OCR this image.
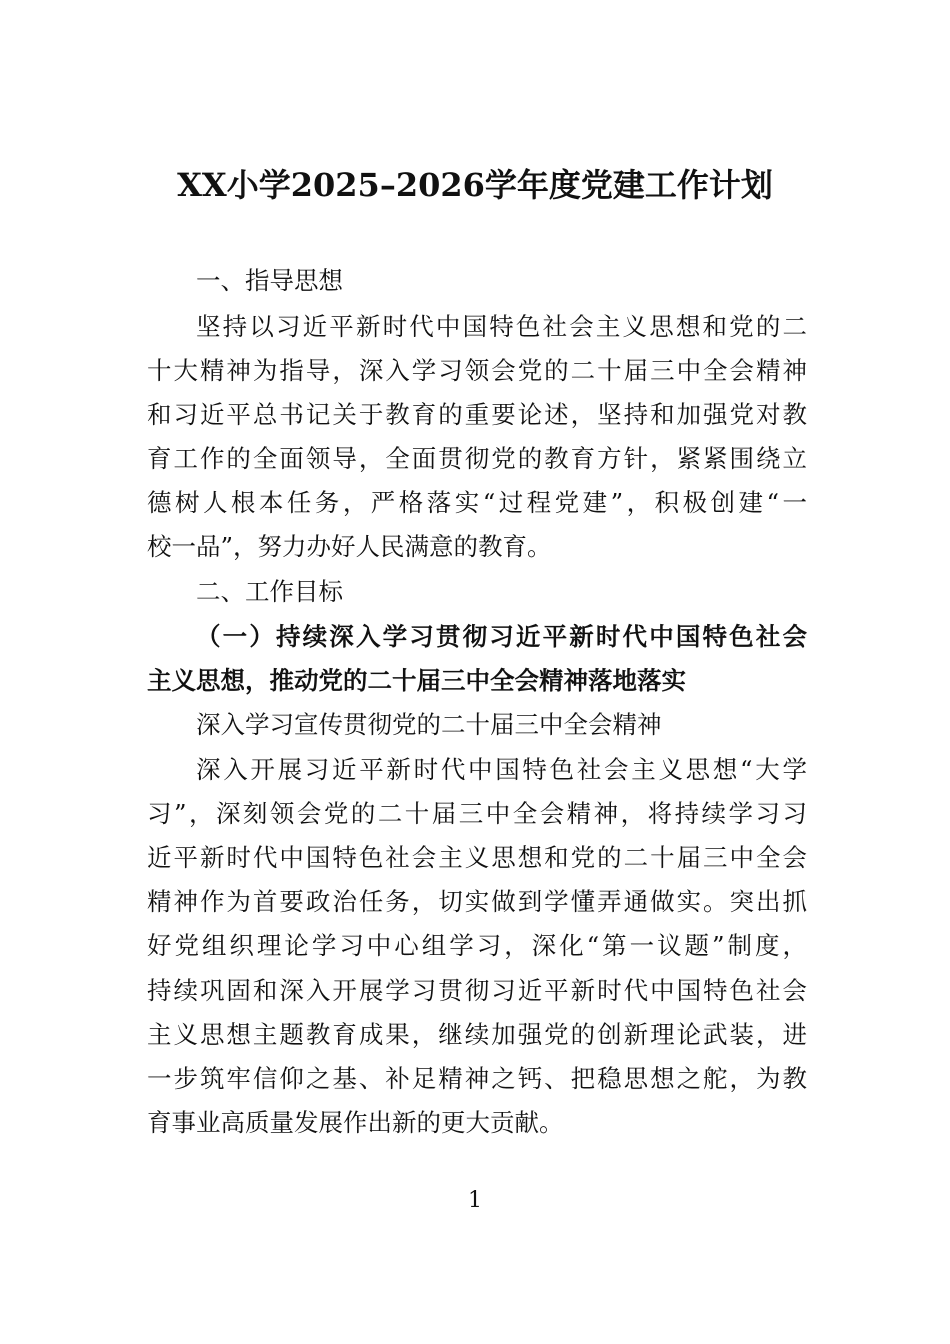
XX小学2025–2026学年度党建工作计划
一、指导思想
坚持以习近平新时代中国特色社会主义思想和党的二
十大精神为指导，深入学习领会党的二十届三中全会精神
和习近平总书记关于教育的重要论述，坚持和加强党对教
育工作的全面领导，全面贯彻党的教育方针，紧紧围绕立
德树人根本任务，严格落实“过程党建”，积极创建“一
校一品”，努力办好人民满意的教育。
二、工作目标
（一）持续深入学习贯彻习近平新时代中国特色社会
主义思想，推动党的二十届三中全会精神落地落实
深入学习宣传贯彻党的二十届三中全会精神
深入开展习近平新时代中国特色社会主义思想“大学
习”，深刻领会党的二十届三中全会精神，将持续学习习
近平新时代中国特色社会主义思想和党的二十届三中全会
精神作为首要政治任务，切实做到学懂弄通做实。突出抓
好党组织理论学习中心组学习，深化“第一议题”制度，
持续巩固和深入开展学习贯彻习近平新时代中国特色社会
主义思想主题教育成果，继续加强党的创新理论武装，进
一步筑牢信仰之基、补足精神之钙、把稳思想之舵，为教
育事业高质量发展作出新的更大贡献。
1
